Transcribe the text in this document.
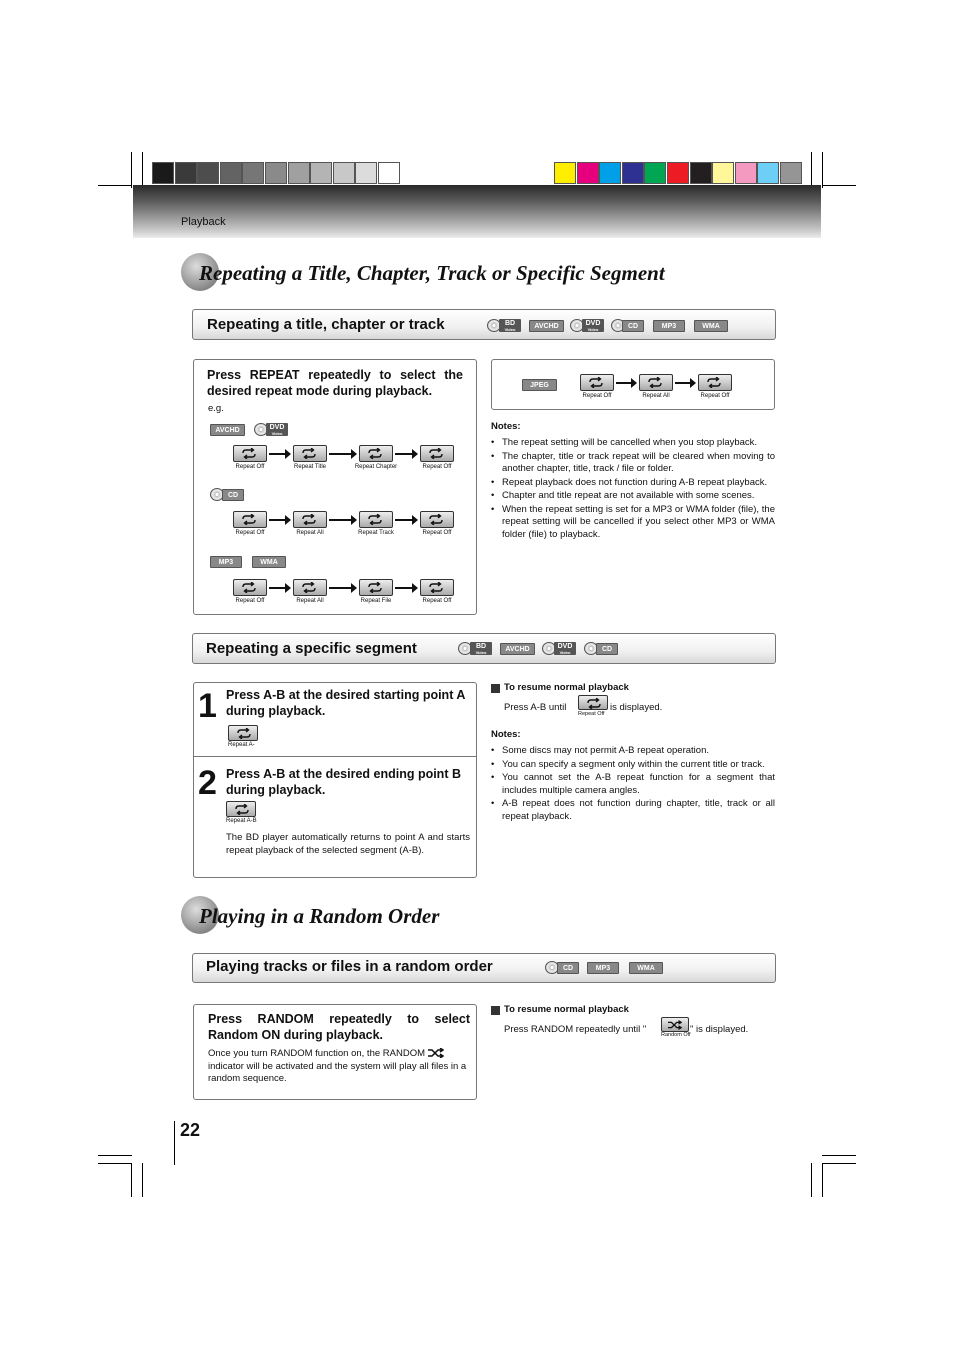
Playback
Repeating a Title, Chapter, Track or Specific Segment
Repeating a title, chapter or track	BD
Video	AVCHD	DVD
Video	CD	MP3	WMA
Press REPEAT repeatedly to select the desired repeat mode during playback.
e.g.
AVCHD	DVD
Video
Repeat Off	Repeat Title	Repeat Chapter	Repeat Off
CD
Repeat Off	Repeat All	Repeat Track	Repeat Off
MP3	WMA
Repeat Off	Repeat All	Repeat File	Repeat Off
JPEG
Repeat Off	Repeat All	Repeat Off
Notes:
• The repeat setting will be cancelled when you stop playback.
• The chapter, title or track repeat will be cleared when moving to another chapter, title, track / file or folder.
• Repeat playback does not function during A-B repeat playback.
• Chapter and title repeat are not available with some scenes.
• When the repeat setting is set for a MP3 or WMA folder (file), the repeat setting will be cancelled if you select other MP3 or WMA folder (file) to playback.
Repeating a specific segment	BD
Video	AVCHD	DVD
Video	CD
1 Press A-B at the desired starting point A during playback.
Repeat A-
2 Press A-B at the desired ending point B during playback.
Repeat A-B
The BD player automatically returns to point A and starts repeat playback of the selected segment (A-B).
To resume normal playback
Press A-B until
Repeat Off
is displayed.
Notes:
• Some discs may not permit A-B repeat operation.
• You can specify a segment only within the current title or track.
• You cannot set the A-B repeat function for a segment that includes multiple camera angles.
• A-B repeat does not function during chapter, title, track or all repeat playback.
Playing in a Random Order
Playing tracks or files in a random order	CD	MP3	WMA
Press RANDOM repeatedly to select Random ON during playback.
Once you turn RANDOM function on, the RANDOM  indicator will be activated and the system will play all files in a random sequence.
To resume normal playback
Press RANDOM repeatedly until "	Random Off " is displayed.
22
